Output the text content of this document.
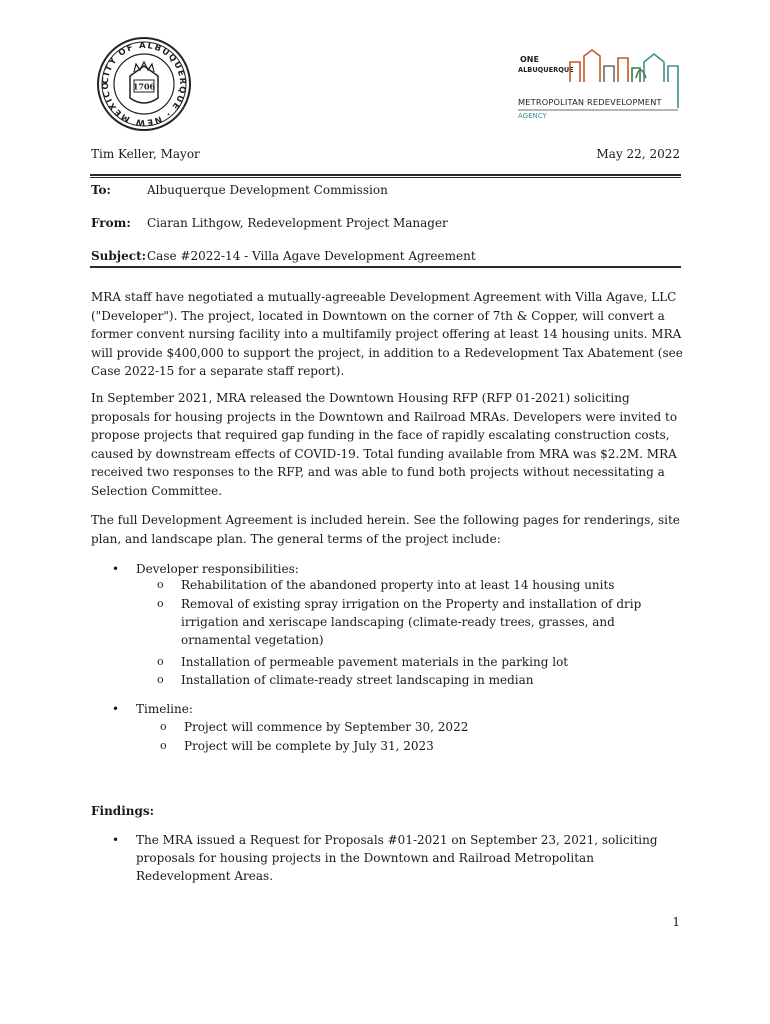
CITY OF ALBUQUERQUE · NEW MEXICO	1706
ONE
ALBUQUERQUE
METROPOLITAN REDEVELOPMENT
AGENCY
Tim Keller, Mayor	May 22, 2022
To:	Albuquerque Development Commission
From: Ciaran Lithgow, Redevelopment Project Manager
Subject: Case #2022-14 - Villa Agave Development Agreement
MRA staff have negotiated a mutually-agreeable Development Agreement with Villa Agave, LLC ("Developer"). The project, located in Downtown on the corner of 7th & Copper, will convert a former convent nursing facility into a multifamily project offering at least 14 housing units. MRA will provide $400,000 to support the project, in addition to a Redevelopment Tax Abatement (see Case 2022-15 for a separate staff report).
In September 2021, MRA released the Downtown Housing RFP (RFP 01-2021) soliciting proposals for housing projects in the Downtown and Railroad MRAs. Developers were invited to propose projects that required gap funding in the face of rapidly escalating construction costs, caused by downstream effects of COVID-19. Total funding available from MRA was $2.2M. MRA received two responses to the RFP, and was able to fund both projects without necessitating a Selection Committee.
The full Development Agreement is included herein. See the following pages for renderings, site plan, and landscape plan. The general terms of the project include:
• Developer responsibilities:
o Rehabilitation of the abandoned property into at least 14 housing units
o Removal of existing spray irrigation on the Property and installation of drip irrigation and xeriscape landscaping (climate-ready trees, grasses, and ornamental vegetation)
o Installation of permeable pavement materials in the parking lot
o Installation of climate-ready street landscaping in median
• Timeline:
o Project will commence by September 30, 2022
o Project will be complete by July 31, 2023
Findings:
• The MRA issued a Request for Proposals #01-2021 on September 23, 2021, soliciting proposals for housing projects in the Downtown and Railroad Metropolitan Redevelopment Areas.
1
